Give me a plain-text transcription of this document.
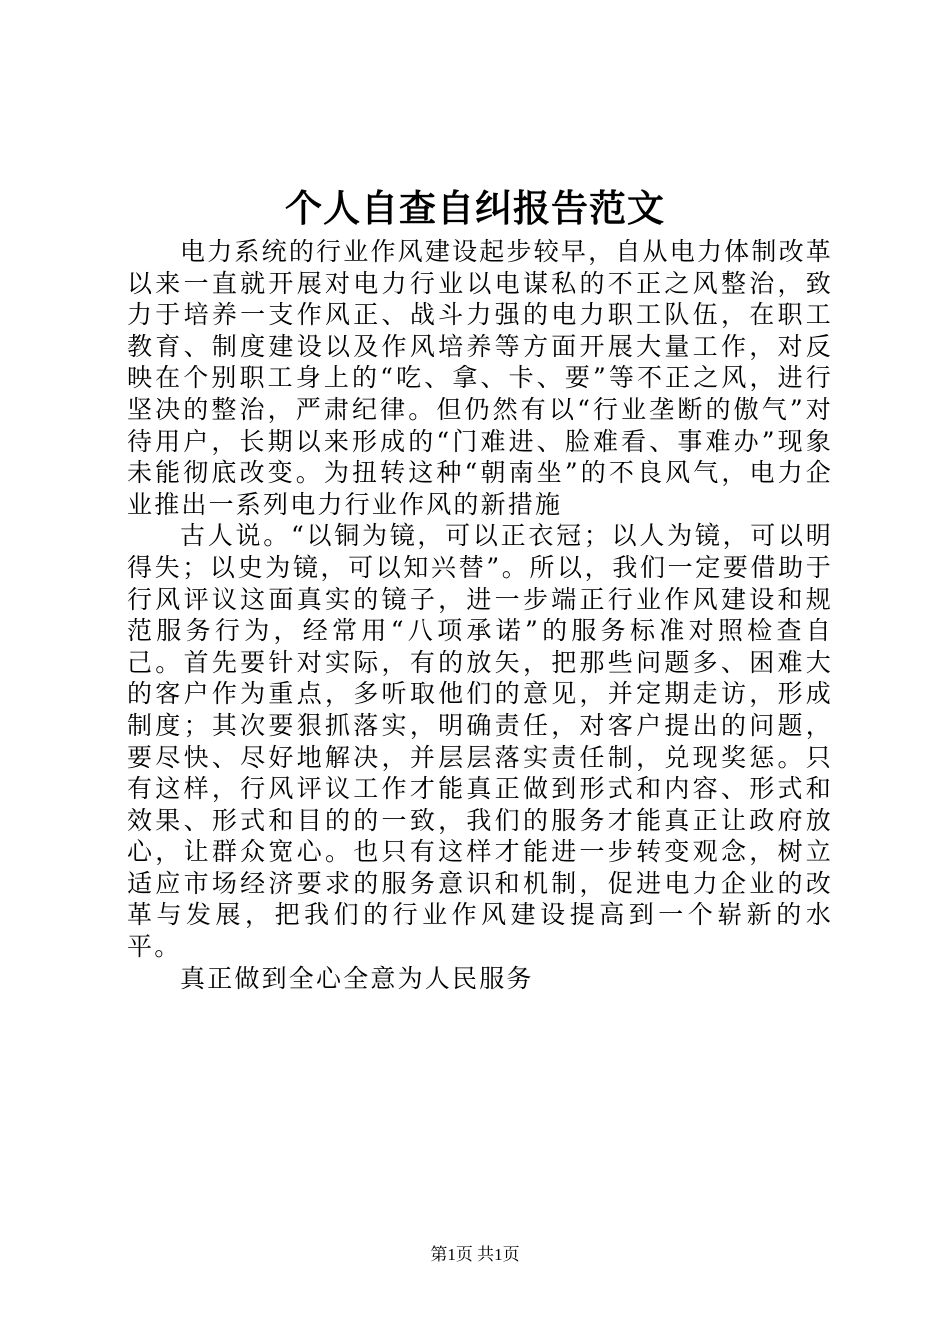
个人自查自纠报告范文

电力系统的行业作风建设起步较早，自从电力体制改革以来一直就开展对电力行业以电谋私的不正之风整治，致力于培养一支作风正、战斗力强的电力职工队伍，在职工教育、制度建设以及作风培养等方面开展大量工作，对反映在个别职工身上的“吃、拿、卡、要”等不正之风，进行坚决的整治，严肃纪律。但仍然有以“行业垄断的傲气”对待用户，长期以来形成的“门难进、脸难看、事难办”现象未能彻底改变。为扭转这种“朝南坐”的不良风气，电力企业推出一系列电力行业作风的新措施

古人说。“以铜为镜，可以正衣冠；以人为镜，可以明得失；以史为镜，可以知兴替”。所以，我们一定要借助于行风评议这面真实的镜子，进一步端正行业作风建设和规范服务行为，经常用“八项承诺”的服务标准对照检查自己。首先要针对实际，有的放矢，把那些问题多、困难大的客户作为重点，多听取他们的意见，并定期走访，形成制度；其次要狠抓落实，明确责任，对客户提出的问题，要尽快、尽好地解决，并层层落实责任制，兑现奖惩。只有这样，行风评议工作才能真正做到形式和内容、形式和效果、形式和目的的一致，我们的服务才能真正让政府放心，让群众宽心。也只有这样才能进一步转变观念，树立适应市场经济要求的服务意识和机制，促进电力企业的改革与发展，把我们的行业作风建设提高到一个崭新的水平。

真正做到全心全意为人民服务

第1页 共1页
